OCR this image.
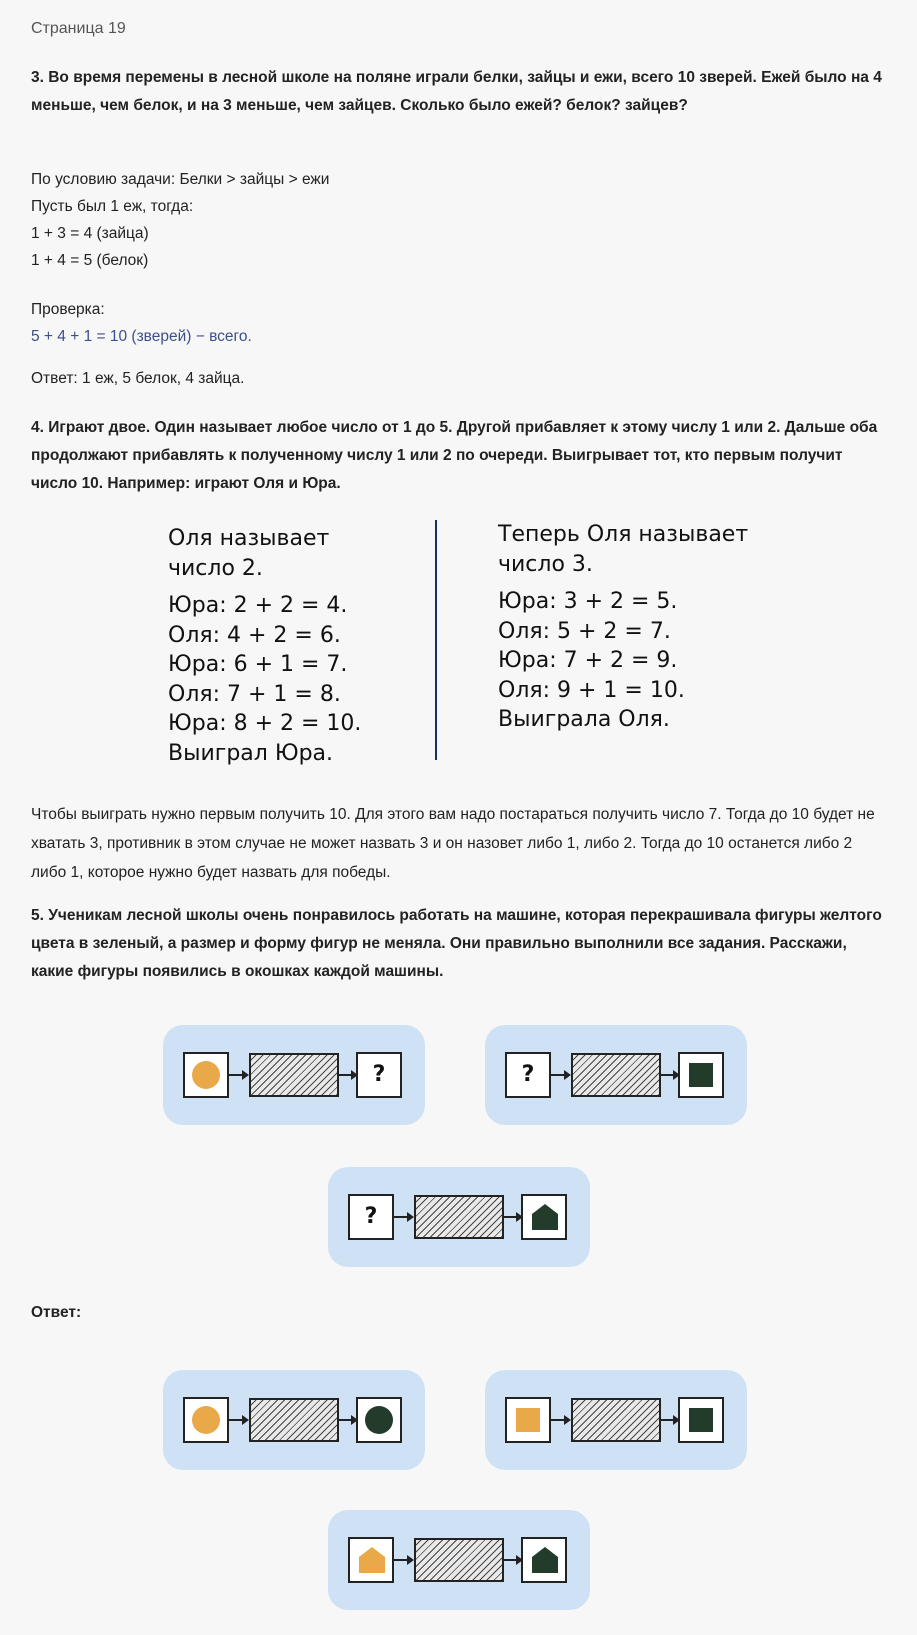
Страница 19

3. Во время перемены в лесной школе на поляне играли белки, зайцы и ежи, всего 10 зверей. Ежей было на 4 меньше, чем белок, и на 3 меньше, чем зайцев. Сколько было ежей? белок? зайцев?

По условию задачи: Белки > зайцы > ежи
Пусть был 1 еж, тогда:
1 + 3 = 4 (зайца)
1 + 4 = 5 (белок)
Проверка:
5 + 4 + 1 = 10 (зверей) − всего.
Ответ: 1 еж, 5 белок, 4 зайца.

4. Играют двое. Один называет любое число от 1 до 5. Другой прибавляет к этому числу 1 или 2. Дальше оба продолжают прибавлять к полученному числу 1 или 2 по очереди. Выигрывает тот, кто первым получит число 10. Например: играют Оля и Юра.

Оля называет
число 2.
Юра: 2 + 2 = 4.
Оля: 4 + 2 = 6.
Юра: 6 + 1 = 7.
Оля: 7 + 1 = 8.
Юра: 8 + 2 = 10.
Выиграл Юра.
Теперь Оля называет
число 3.
Юра: 3 + 2 = 5.
Оля: 5 + 2 = 7.
Юра: 7 + 2 = 9.
Оля: 9 + 1 = 10.
Выиграла Оля.

Чтобы выиграть нужно первым получить 10. Для этого вам надо постараться получить число 7. Тогда до 10 будет не хватать 3, противник в этом случае не может назвать 3 и он назовет либо 1, либо 2. Тогда до 10 останется либо 2 либо 1, которое нужно будет назвать для победы.

5. Ученикам лесной школы очень понравилось работать на машине, которая перекрашивала фигуры желтого цвета в зеленый, а размер и форму фигур не меняла. Они правильно выполнили все задания. Расскажи, какие фигуры появились в окошках каждой машины.

?	?
?
Ответ:
